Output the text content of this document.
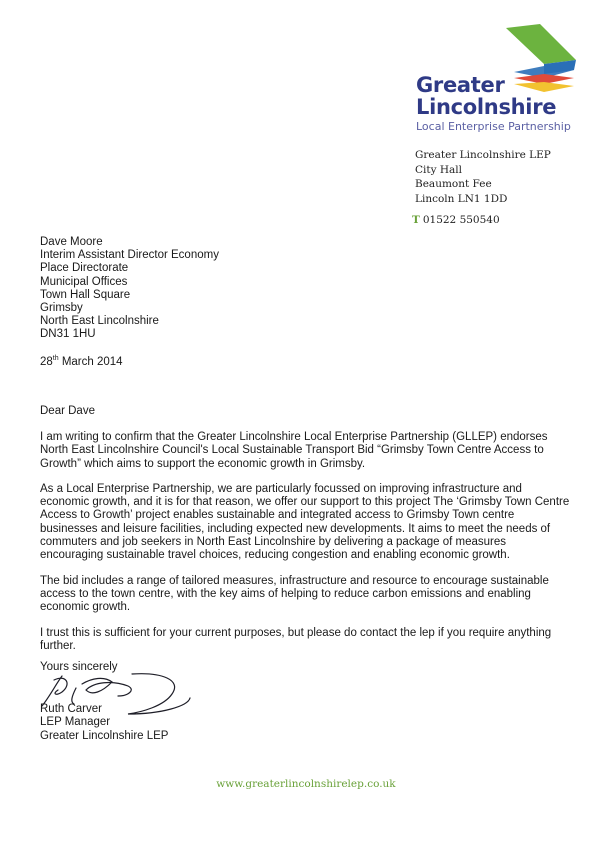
Greater
Lincolnshire
Local Enterprise Partnership
Greater Lincolnshire LEP
City Hall
Beaumont Fee
Lincoln LN1 1DD
T 01522 550540
Dave Moore
Interim Assistant Director Economy
Place Directorate
Municipal Offices
Town Hall Square
Grimsby
North East Lincolnshire
DN31 1HU
28th March 2014
Dear Dave

I am writing to confirm that the Greater Lincolnshire Local Enterprise Partnership (GLLEP) endorses North East Lincolnshire Council's Local Sustainable Transport Bid “Grimsby Town Centre Access to Growth” which aims to support the economic growth in Grimsby.

As a Local Enterprise Partnership, we are particularly focussed on improving infrastructure and economic growth, and it is for that reason, we offer our support to this project The ‘Grimsby Town Centre Access to Growth’ project enables sustainable and integrated access to Grimsby Town centre businesses and leisure facilities, including expected new developments. It aims to meet the needs of commuters and job seekers in North East Lincolnshire by delivering a package of measures encouraging sustainable travel choices, reducing congestion and enabling economic growth.

The bid includes a range of tailored measures, infrastructure and resource to encourage sustainable access to the town centre, with the key aims of helping to reduce carbon emissions and enabling economic growth.

I trust this is sufficient for your current purposes, but please do contact the lep if you require anything further.

Yours sincerely
Ruth Carver
LEP Manager
Greater Lincolnshire LEP
www.greaterlincolnshirelep.co.uk
